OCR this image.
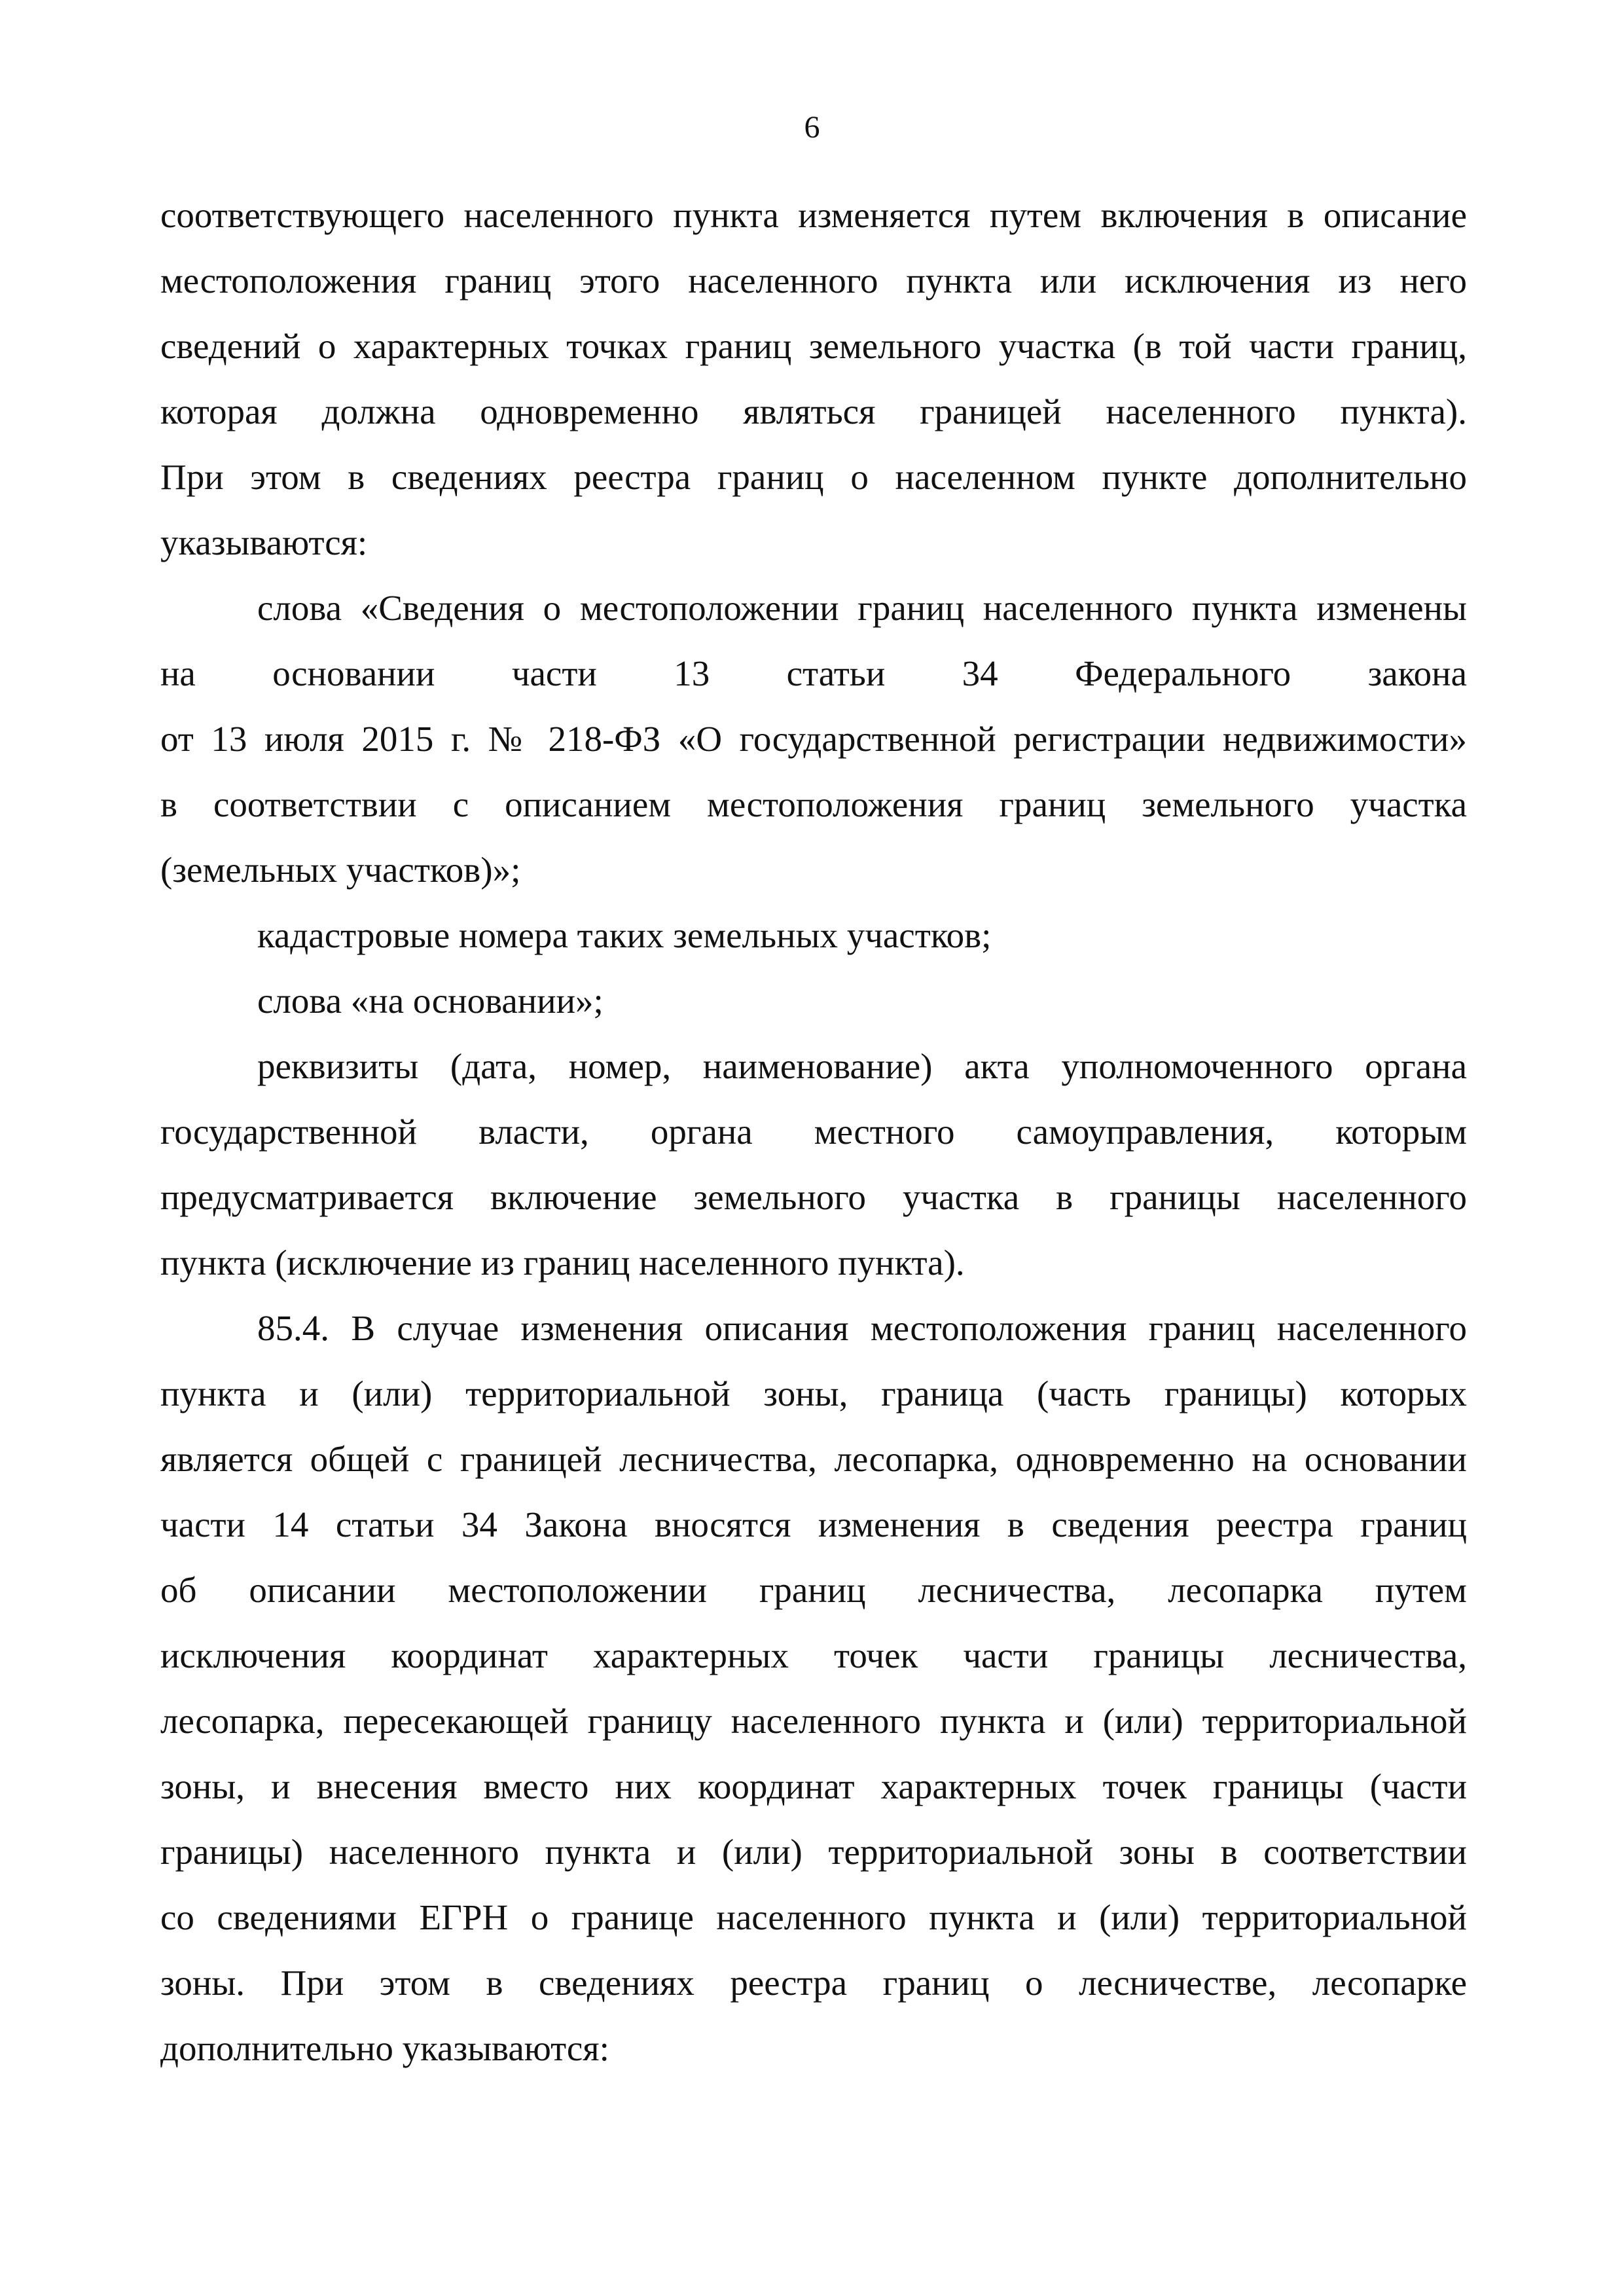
6
соответствующего населенного пункта изменяется путем включения в описание
местоположения границ этого населенного пункта или исключения из него
сведений о характерных точках границ земельного участка (в той части границ,
которая должна одновременно являться границей населенного пункта).
При этом в сведениях реестра границ о населенном пункте дополнительно
указываются:
слова «Сведения о местоположении границ населенного пункта изменены
на основании части 13 статьи 34 Федерального закона
от 13 июля 2015 г. № 218-ФЗ «О государственной регистрации недвижимости»
в соответствии с описанием местоположения границ земельного участка
(земельных участков)»;
кадастровые номера таких земельных участков;
слова «на основании»;
реквизиты (дата, номер, наименование) акта уполномоченного органа
государственной власти, органа местного самоуправления, которым
предусматривается включение земельного участка в границы населенного
пункта (исключение из границ населенного пункта).
85.4. В случае изменения описания местоположения границ населенного
пункта и (или) территориальной зоны, граница (часть границы) которых
является общей с границей лесничества, лесопарка, одновременно на основании
части 14 статьи 34 Закона вносятся изменения в сведения реестра границ
об описании местоположении границ лесничества, лесопарка путем
исключения координат характерных точек части границы лесничества,
лесопарка, пересекающей границу населенного пункта и (или) территориальной
зоны, и внесения вместо них координат характерных точек границы (части
границы) населенного пункта и (или) территориальной зоны в соответствии
со сведениями ЕГРН о границе населенного пункта и (или) территориальной
зоны. При этом в сведениях реестра границ о лесничестве, лесопарке
дополнительно указываются:
